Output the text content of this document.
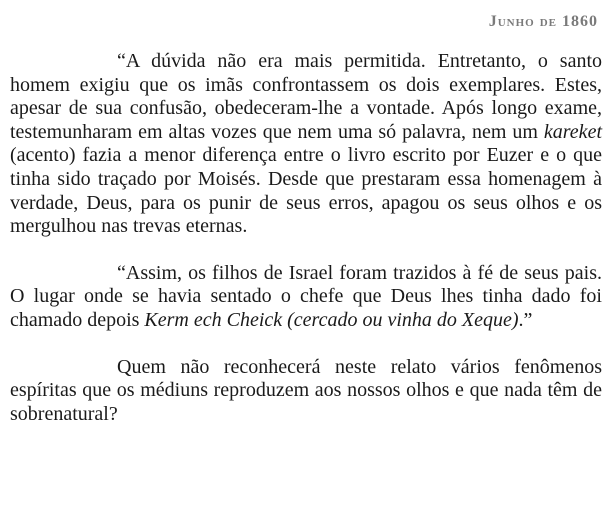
Junho de 1860

“A dúvida não era mais permitida. Entretanto, o santo homem exigiu que os imãs confrontassem os dois exemplares. Estes, apesar de sua confusão, obedeceram-lhe a vontade. Após longo exame, testemunharam em altas vozes que nem uma só palavra, nem um kareket (acento) fazia a menor diferença entre o livro escrito por Euzer e o que tinha sido traçado por Moisés. Desde que prestaram essa homenagem à verdade, Deus, para os punir de seus erros, apagou os seus olhos e os mergulhou nas trevas eternas.

“Assim, os filhos de Israel foram trazidos à fé de seus pais. O lugar onde se havia sentado o chefe que Deus lhes tinha dado foi chamado depois Kerm ech Cheick (cercado ou vinha do Xeque).”

Quem não reconhecerá neste relato vários fenômenos espíritas que os médiuns reproduzem aos nossos olhos e que nada têm de sobrenatural?
